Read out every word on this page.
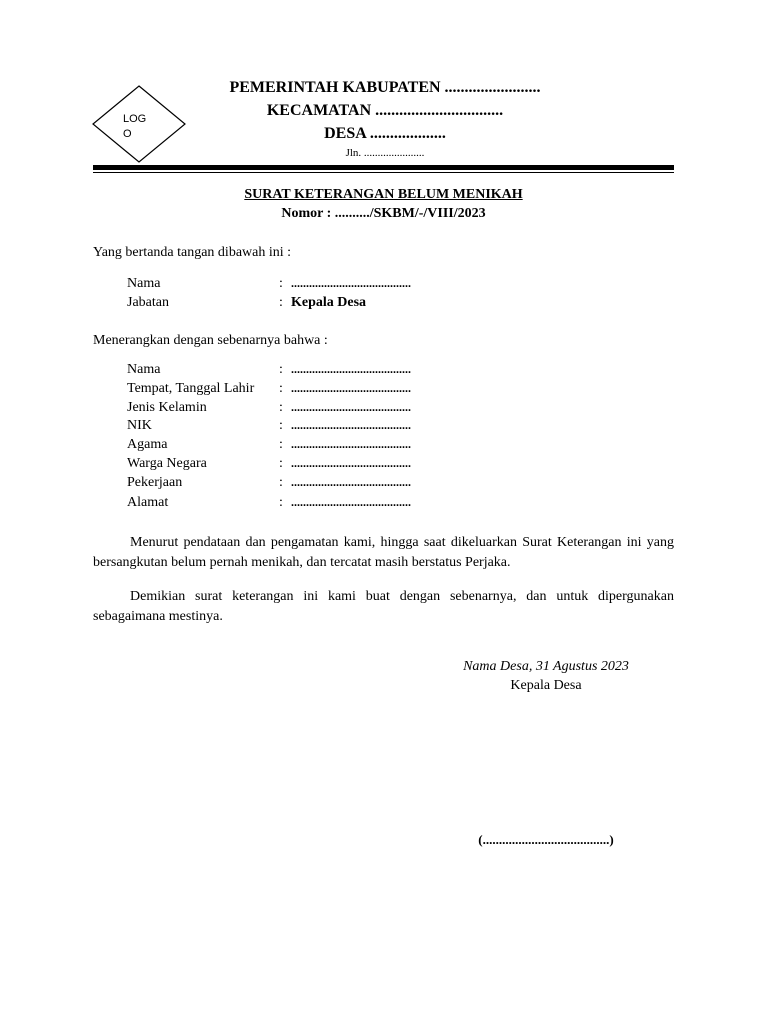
LOGO
PEMERINTAH KABUPATEN ........................
KECAMATAN ................................
DESA ...................
Jln. ......................
SURAT KETERANGAN BELUM MENIKAH
Nomor : ........../SKBM/-/VIII/2023
Yang bertanda tangan dibawah ini :
Nama	: ........................................
Jabatan	: Kepala Desa
Menerangkan dengan sebenarnya bahwa :
Nama	: ........................................
Tempat, Tanggal Lahir : ........................................
Jenis Kelamin	: ........................................
NIK	: ........................................
Agama	: ........................................
Warga Negara	: ........................................
Pekerjaan	: ........................................
Alamat	: ........................................
Menurut pendataan dan pengamatan kami, hingga saat dikeluarkan Surat Keterangan ini yang bersangkutan belum pernah menikah, dan tercatat masih berstatus Perjaka.
Demikian surat keterangan ini kami buat dengan sebenarnya, dan untuk dipergunakan sebagaimana mestinya.
Nama Desa, 31 Agustus 2023
Kepala Desa
(.......................................)
